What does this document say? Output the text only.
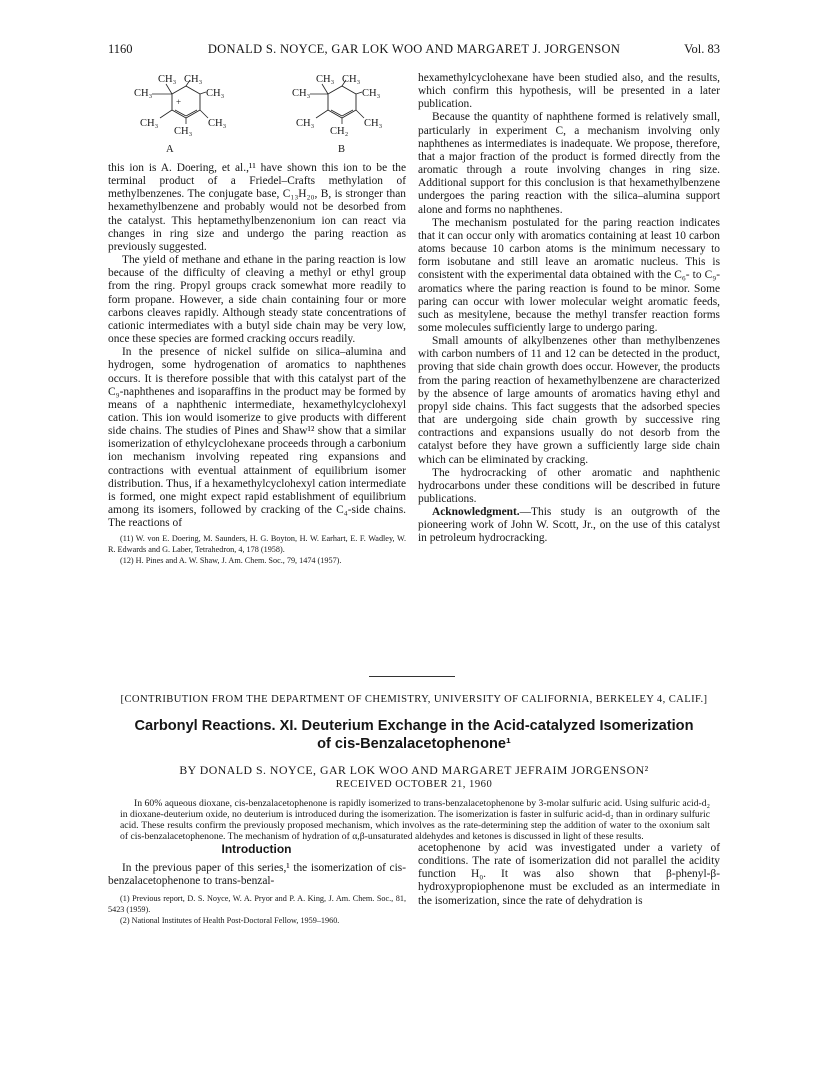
1160	DONALD S. NOYCE, GAR LOK WOO AND MARGARET J. JORGENSON	Vol. 83
CH₃ CH₃
CH₃	CH₃
+
CH₃	CH₃
CH₃
A
CH₃ CH₃
CH₃	CH₃
CH₃	CH₃
CH₂
B

this ion is A. Doering, et al.,¹¹ have shown this ion to be the terminal product of a Friedel–Crafts methylation of methylbenzenes. The conjugate base, C₁₃H₂₀, B, is stronger than hexamethylbenzene and probably would not be desorbed from the catalyst. This heptamethylbenzenonium ion can react via changes in ring size and undergo the paring reaction as previously suggested.

The yield of methane and ethane in the paring reaction is low because of the difficulty of cleaving a methyl or ethyl group from the ring. Propyl groups crack somewhat more readily to form propane. However, a side chain containing four or more carbons cleaves rapidly. Although steady state concentrations of cationic intermediates with a butyl side chain may be very low, once these species are formed cracking occurs readily.

In the presence of nickel sulfide on silica–alumina and hydrogen, some hydrogenation of aromatics to naphthenes occurs. It is therefore possible that with this catalyst part of the C₉-naphthenes and isoparaffins in the product may be formed by means of a naphthenic intermediate, hexamethylcyclohexyl cation. This ion would isomerize to give products with different side chains. The studies of Pines and Shaw¹² show that a similar isomerization of ethylcyclohexane proceeds through a carbonium ion mechanism involving repeated ring expansions and contractions with eventual attainment of equilibrium isomer distribution. Thus, if a hexamethylcyclohexyl cation intermediate is formed, one might expect rapid establishment of equilibrium among its isomers, followed by cracking of the C₄-side chains. The reactions of

(11) W. von E. Doering, M. Saunders, H. G. Boyton, H. W. Earhart, E. F. Wadley, W. R. Edwards and G. Laber, Tetrahedron, 4, 178 (1958).

(12) H. Pines and A. W. Shaw, J. Am. Chem. Soc., 79, 1474 (1957).

hexamethylcyclohexane have been studied also, and the results, which confirm this hypothesis, will be presented in a later publication.

Because the quantity of naphthene formed is relatively small, particularly in experiment C, a mechanism involving only naphthenes as intermediates is inadequate. We propose, therefore, that a major fraction of the product is formed directly from the aromatic through a route involving changes in ring size. Additional support for this conclusion is that hexamethylbenzene undergoes the paring reaction with the silica–alumina support alone and forms no naphthenes.

The mechanism postulated for the paring reaction indicates that it can occur only with aromatics containing at least 10 carbon atoms because 10 carbon atoms is the minimum necessary to form isobutane and still leave an aromatic nucleus. This is consistent with the experimental data obtained with the C₆- to C₉-aromatics where the paring reaction is found to be minor. Some paring can occur with lower molecular weight aromatic feeds, such as mesitylene, because the methyl transfer reaction forms some molecules sufficiently large to undergo paring.

Small amounts of alkylbenzenes other than methylbenzenes with carbon numbers of 11 and 12 can be detected in the product, proving that side chain growth does occur. However, the products from the paring reaction of hexamethylbenzene are characterized by the absence of large amounts of aromatics having ethyl and propyl side chains. This fact suggests that the adsorbed species that are undergoing side chain growth by successive ring contractions and expansions usually do not desorb from the catalyst before they have grown a sufficiently large side chain which can be eliminated by cracking.

The hydrocracking of other aromatic and naphthenic hydrocarbons under these conditions will be described in future publications.

Acknowledgment.—This study is an outgrowth of the pioneering work of John W. Scott, Jr., on the use of this catalyst in petroleum hydrocracking.

[CONTRIBUTION FROM THE DEPARTMENT OF CHEMISTRY, UNIVERSITY OF CALIFORNIA, BERKELEY 4, CALIF.]
Carbonyl Reactions. XI. Deuterium Exchange in the Acid-catalyzed Isomerization
of cis-Benzalacetophenone¹
BY DONALD S. NOYCE, GAR LOK WOO AND MARGARET JEFRAIM JORGENSON²
RECEIVED OCTOBER 21, 1960

In 60% aqueous dioxane, cis-benzalacetophenone is rapidly isomerized to trans-benzalacetophenone by 3-molar sulfuric acid. Using sulfuric acid-d₂ in dioxane-deuterium oxide, no deuterium is introduced during the isomerization. The isomerization is faster in sulfuric acid-d₂ than in ordinary sulfuric acid. These results confirm the previously proposed mechanism, which involves as the rate-determining step the addition of water to the oxonium salt of cis-benzalacetophenone. The mechanism of hydration of α,β-unsaturated aldehydes and ketones is discussed in light of these results.

Introduction

In the previous paper of this series,¹ the isomerization of cis-benzalacetophenone to trans-benzal-

(1) Previous report, D. S. Noyce, W. A. Pryor and P. A. King, J. Am. Chem. Soc., 81, 5423 (1959).

(2) National Institutes of Health Post-Doctoral Fellow, 1959–1960.

acetophenone by acid was investigated under a variety of conditions. The rate of isomerization did not parallel the acidity function H₀. It was also shown that β-phenyl-β-hydroxypropiophenone must be excluded as an intermediate in the isomerization, since the rate of dehydration is
